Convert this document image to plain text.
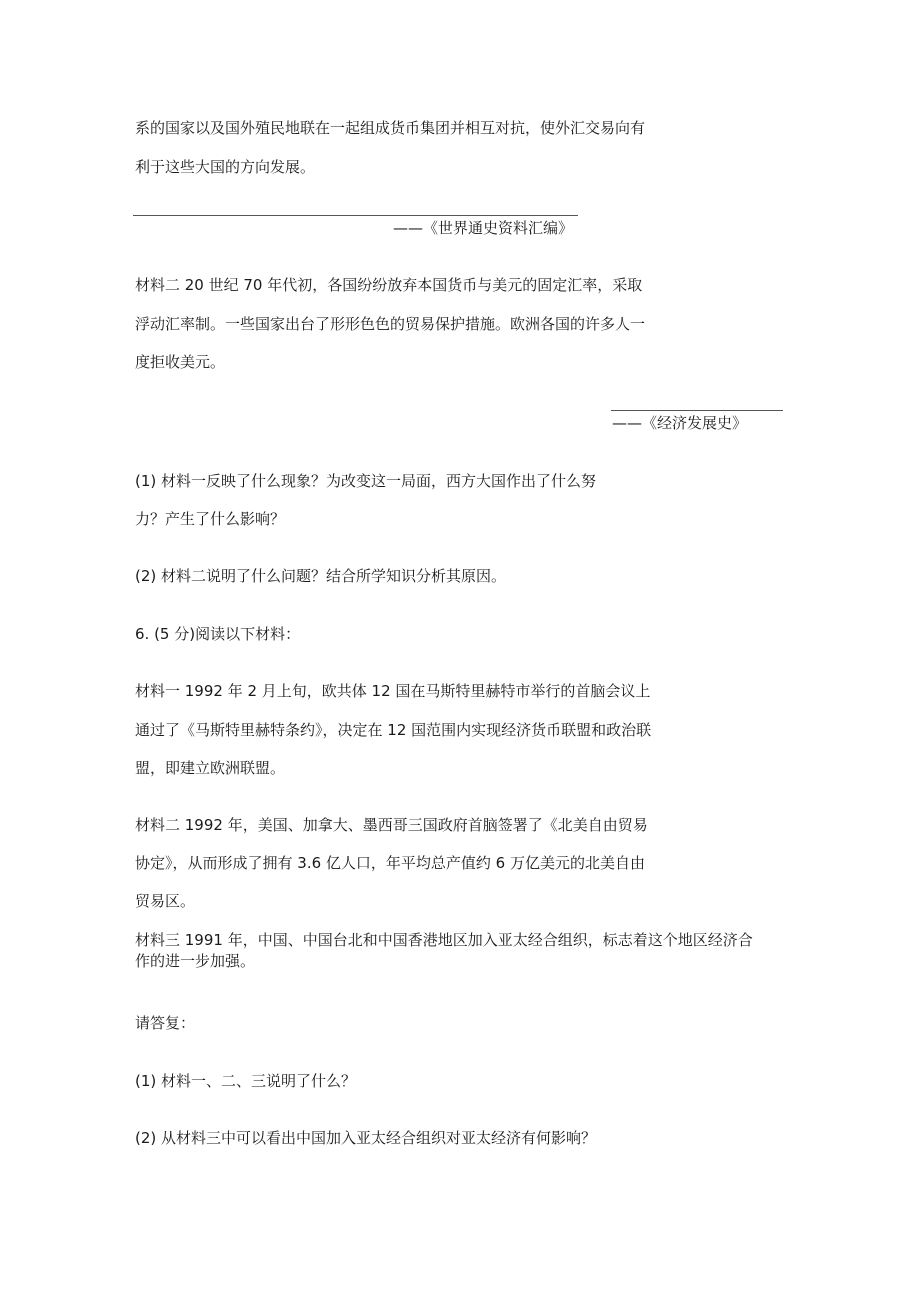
系的国家以及国外殖民地联在一起组成货币集团并相互对抗，使外汇交易向有
利于这些大国的方向发展。
——《世界通史资料汇编》
材料二 20 世纪 70 年代初，各国纷纷放弃本国货币与美元的固定汇率，采取
浮动汇率制。一些国家出台了形形色色的贸易保护措施。欧洲各国的许多人一
度拒收美元。
——《经济发展史》
(1) 材料一反映了什么现象？为改变这一局面，西方大国作出了什么努
力？产生了什么影响？
(2) 材料二说明了什么问题？结合所学知识分析其原因。
6. (5 分)阅读以下材料：
材料一 1992 年 2 月上旬，欧共体 12 国在马斯特里赫特市举行的首脑会议上
通过了《马斯特里赫特条约》，决定在 12 国范围内实现经济货币联盟和政治联
盟，即建立欧洲联盟。
材料二 1992 年，美国、加拿大、墨西哥三国政府首脑签署了《北美自由贸易
协定》，从而形成了拥有 3.6 亿人口，年平均总产值约 6 万亿美元的北美自由
贸易区。
材料三 1991 年，中国、中国台北和中国香港地区加入亚太经合组织，标志着这个地区经济合
作的进一步加强。
请答复：
(1) 材料一、二、三说明了什么？
(2) 从材料三中可以看出中国加入亚太经合组织对亚太经济有何影响？
